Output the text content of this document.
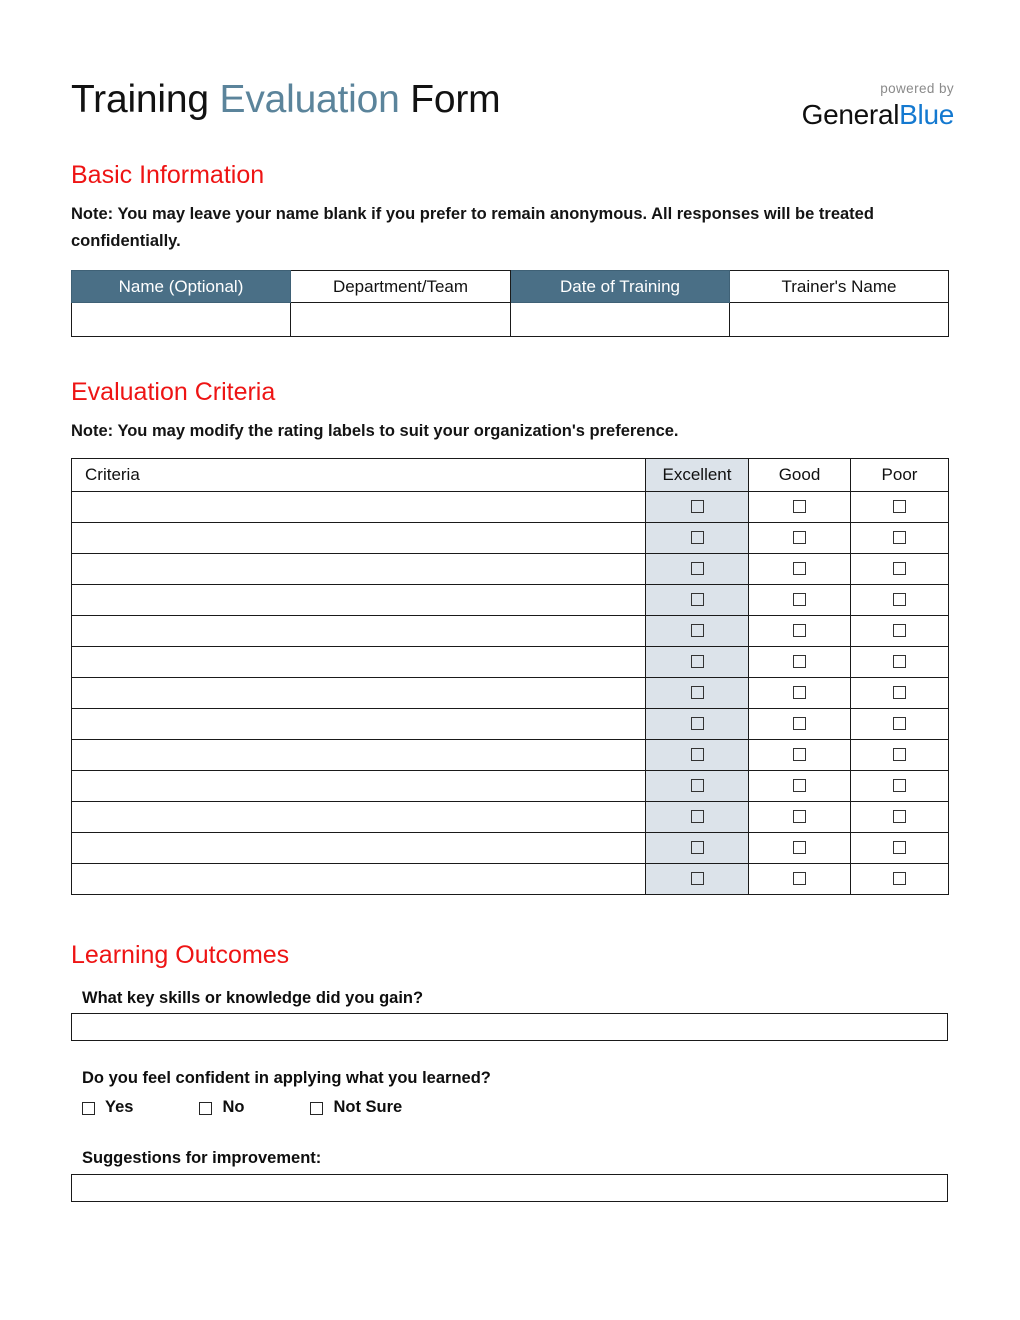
Training Evaluation Form	powered by
GeneralBlue
Basic Information
Note: You may leave your name blank if you prefer to remain anonymous. All responses will be treated confidentially.
Name (Optional)	Department/Team	Date of Training	Trainer's Name

Evaluation Criteria
Note: You may modify the rating labels to suit your organization's preference.
Criteria	Excellent	Good	Poor

Learning Outcomes
What key skills or knowledge did you gain?
Do you feel confident in applying what you learned?
Yes	No	Not Sure
Suggestions for improvement:
